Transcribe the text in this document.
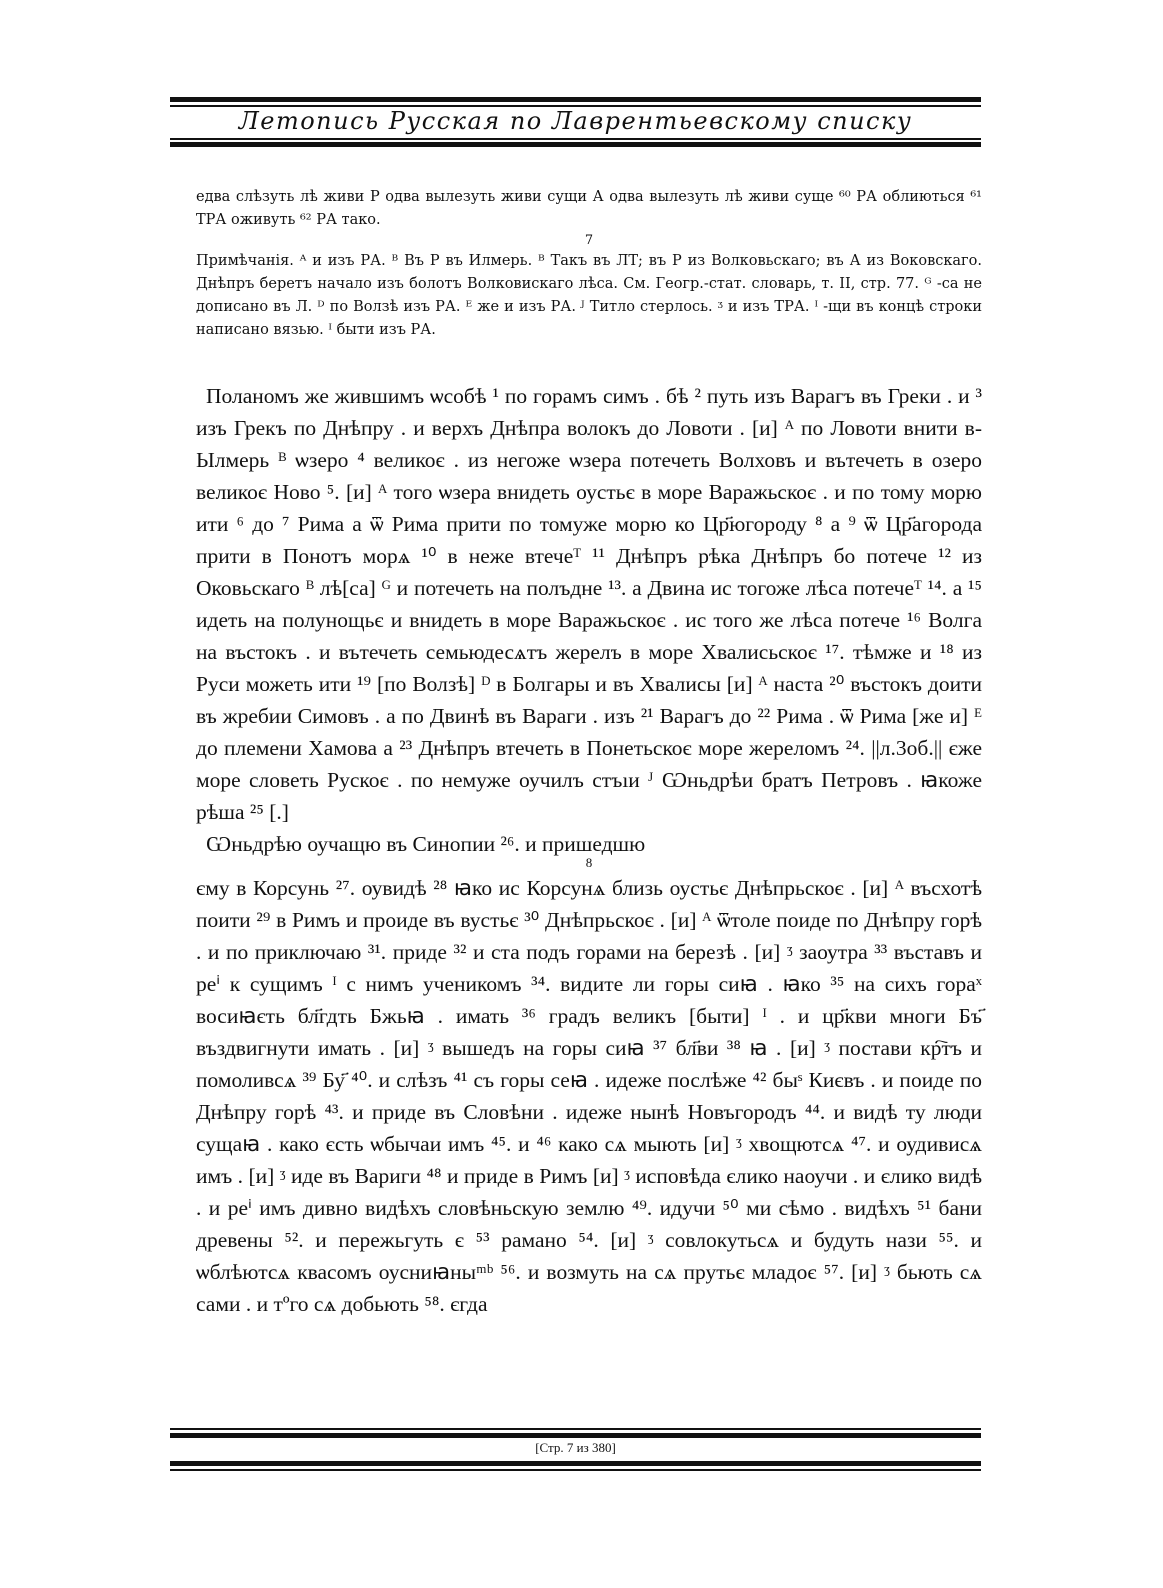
Летопись Русская по Лаврентьевскому списку

едва слѣзуть лѣ живи Р одва вылезуть живи сущи А одва вылезуть лѣ живи суще ⁶⁰ РА облиються ⁶¹ ТРА оживуть ⁶² РА тако.

7

Примѣчанія. ᴬ и изъ РА. ᴮ Въ Р въ Илмерь. ᴮ Такъ въ ЛТ; въ Р из Волковьскаго; въ А из Воковскаго. Днѣпръ беретъ начало изъ болотъ Волковискаго лѣса. См. Геогр.-стат. словарь, т. II, стр. 77. ᴳ -са не дописано въ Л. ᴰ по Волзѣ изъ РА. ᴱ же и изъ РА. ᴶ Титло стерлось. ᶾ и изъ ТРА. ᴵ -щи въ концѣ строки написано вязью. ᴵ быти изъ РА.

Поланомъ же жившимъ ѡсобѣ ¹ по горамъ симъ . бѣ ² путь изъ Варагъ въ Греки . и ³ изъ Грекъ по Днѣпру . и верхъ Днѣпра волокъ до Ловоти . [и] ᴬ по Ловоти внити в-Ылмерь ᴮ ѡзеро ⁴ великоє . из негоже ѡзера потечеть Волховъ и вътечеть в озеро великоє Ново ⁵. [и] ᴬ того ѡзера внидеть оустьє в море Варажьскоє . и по тому морю ити ⁶ до ⁷ Рима а ѿ Рима прити по томуже морю ко Цр҃югороду ⁸ а ⁹ ѿ Цр҃агорода прити в Понотъ морѧ ¹⁰ в неже втечеᵀ ¹¹ Днѣпръ рѣка Днѣпръ бо потече ¹² из Оковьскаго ᴮ лѣ[са] ᴳ и потечеть на полъдне ¹³. а Двина ис тогоже лѣса потечеᵀ ¹⁴. а ¹⁵ идеть на полунощьє и внидеть в море Варажьскоє . ис того же лѣса потече ¹⁶ Волга на въстокъ . и вътечеть семьюдесѧтъ жерелъ в море Хвалисьскоє ¹⁷. тѣмже и ¹⁸ из Руси можеть ити ¹⁹ [по Волзѣ] ᴰ в Болгары и въ Хвалисы [и] ᴬ наста ²⁰ въстокъ доити въ жребии Симовъ . а по Двинѣ въ Вараги . изъ ²¹ Варагъ до ²² Рима . ѿ Рима [же и] ᴱ до племени Хамова а ²³ Днѣпръ втечеть в Понетьскоє море жереломъ ²⁴. ||л.3об.|| єже море словеть Рускоє . по немуже оучилъ стъıи ᴶ Ѡньдрѣи братъ Петровъ . ꙗкоже рѣша ²⁵ [.]

Ѡньдрѣю оучащю въ Синопии ²⁶. и пришедшю

8

єму в Корсунь ²⁷. оувидѣ ²⁸ ꙗко ис Корсунѧ близь оустьє Днѣпрьскоє . [и] ᴬ въсхотѣ поити ²⁹ в Римъ и проиде въ вустьє ³⁰ Днѣпрьскоє . [и] ᴬ ѿтоле поиде по Днѣпру горѣ . и по приключаю ³¹. приде ³² и ста подъ горами на березѣ . [и] ᶾ заоутра ³³ въставъ и реⁱ к сущимъ ᴵ с нимъ ученикомъ ³⁴. видите ли горы сиꙗ . ꙗко ³⁵ на сихъ гораˣ восиꙗєть бл҃гдть Бжьꙗ . имать ³⁶ градъ великъ [быти] ᴵ . и цр҃кви многи Бъ҃ въздвигнути имать . [и] ᶾ вышедъ на горы сиꙗ ³⁷ бл҃ви ³⁸ ꙗ . [и] ᶾ постави кр҇тъ и помоливсѧ ³⁹ Бу҃ ⁴⁰. и слѣзъ ⁴¹ съ горы сеꙗ . идеже послѣже ⁴² быˢ Києвъ . и поиде по Днѣпру горѣ ⁴³. и приде въ Словѣни . идеже нынѣ Новъгородъ ⁴⁴. и видѣ ту люди сущаꙗ . како єсть ѡбычаи имъ ⁴⁵. и ⁴⁶ како сѧ мыють [и] ᶾ хвощютсѧ ⁴⁷. и оудивисѧ имъ . [и] ᶾ иде въ Вариги ⁴⁸ и приде в Римъ [и] ᶾ исповѣда єлико наоучи . и єлико видѣ . и реⁱ имъ дивно видѣхъ словѣньскую землю ⁴⁹. идучи ⁵⁰ ми сѣмо . видѣхъ ⁵¹ бани древены ⁵². и пережьгуть є ⁵³ рамано ⁵⁴. [и] ᶾ совлокутьсѧ и будуть нази ⁵⁵. и ѡблѣютсѧ квасомъ оусниꙗныᵐᵇ ⁵⁶. и возмуть на сѧ прутьє младоє ⁵⁷. [и] ᶾ бьють сѧ сами . и тºго сѧ добьють ⁵⁸. єгда

[Стр. 7 из 380]
